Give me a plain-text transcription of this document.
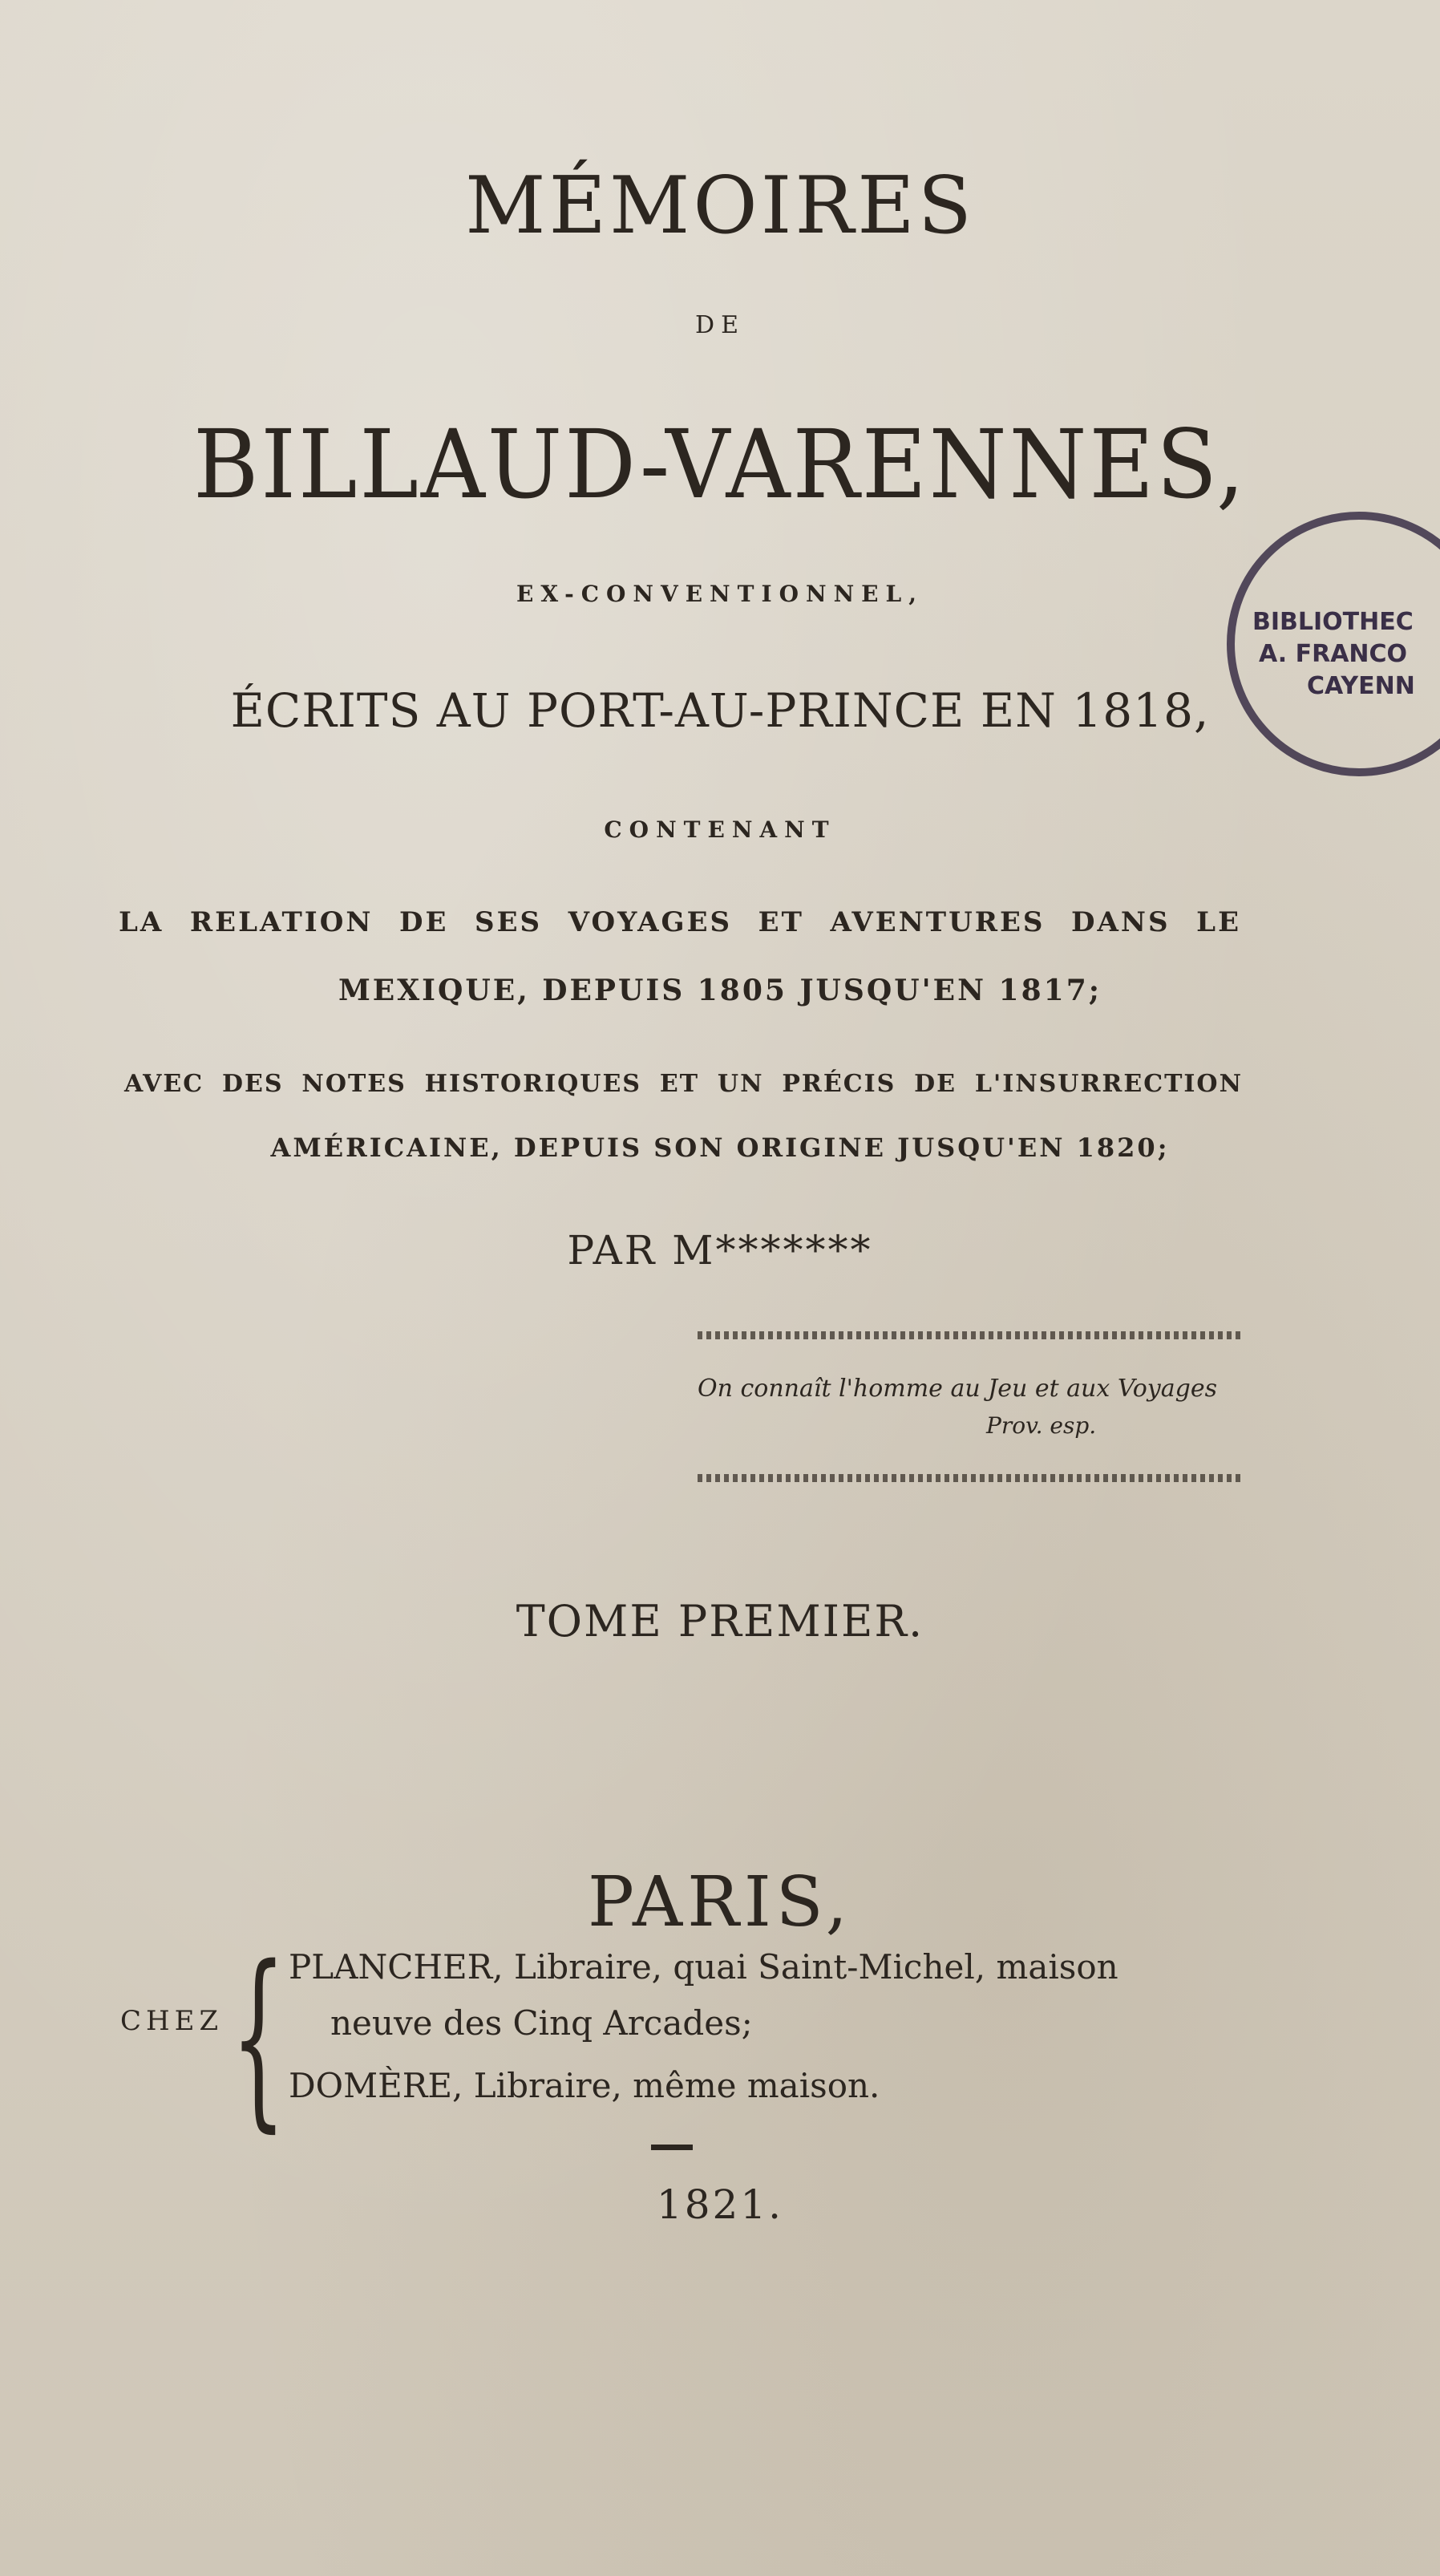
MÉMOIRES
DE
BILLAUD-VARENNES,
EX-CONVENTIONNEL,
ÉCRITS AU PORT-AU-PRINCE EN 1818,
CONTENANT
LA RELATION DE SES VOYAGES ET AVENTURES DANS LE
MEXIQUE, DEPUIS 1805 JUSQU'EN 1817;
AVEC DES NOTES HISTORIQUES ET UN PRÉCIS DE L'INSURRECTION
AMÉRICAINE, DEPUIS SON ORIGINE JUSQU'EN 1820;
PAR M*******
On connaît l'homme au Jeu et aux Voyages
Prov. esp.
TOME PREMIER.
PARIS,
CHEZ { PLANCHER, Libraire, quai Saint-Michel, maison
neuve des Cinq Arcades;
DOMÈRE, Libraire, même maison.
1821.
BIBLIOTHEC
A. FRANCO
CAYENN
